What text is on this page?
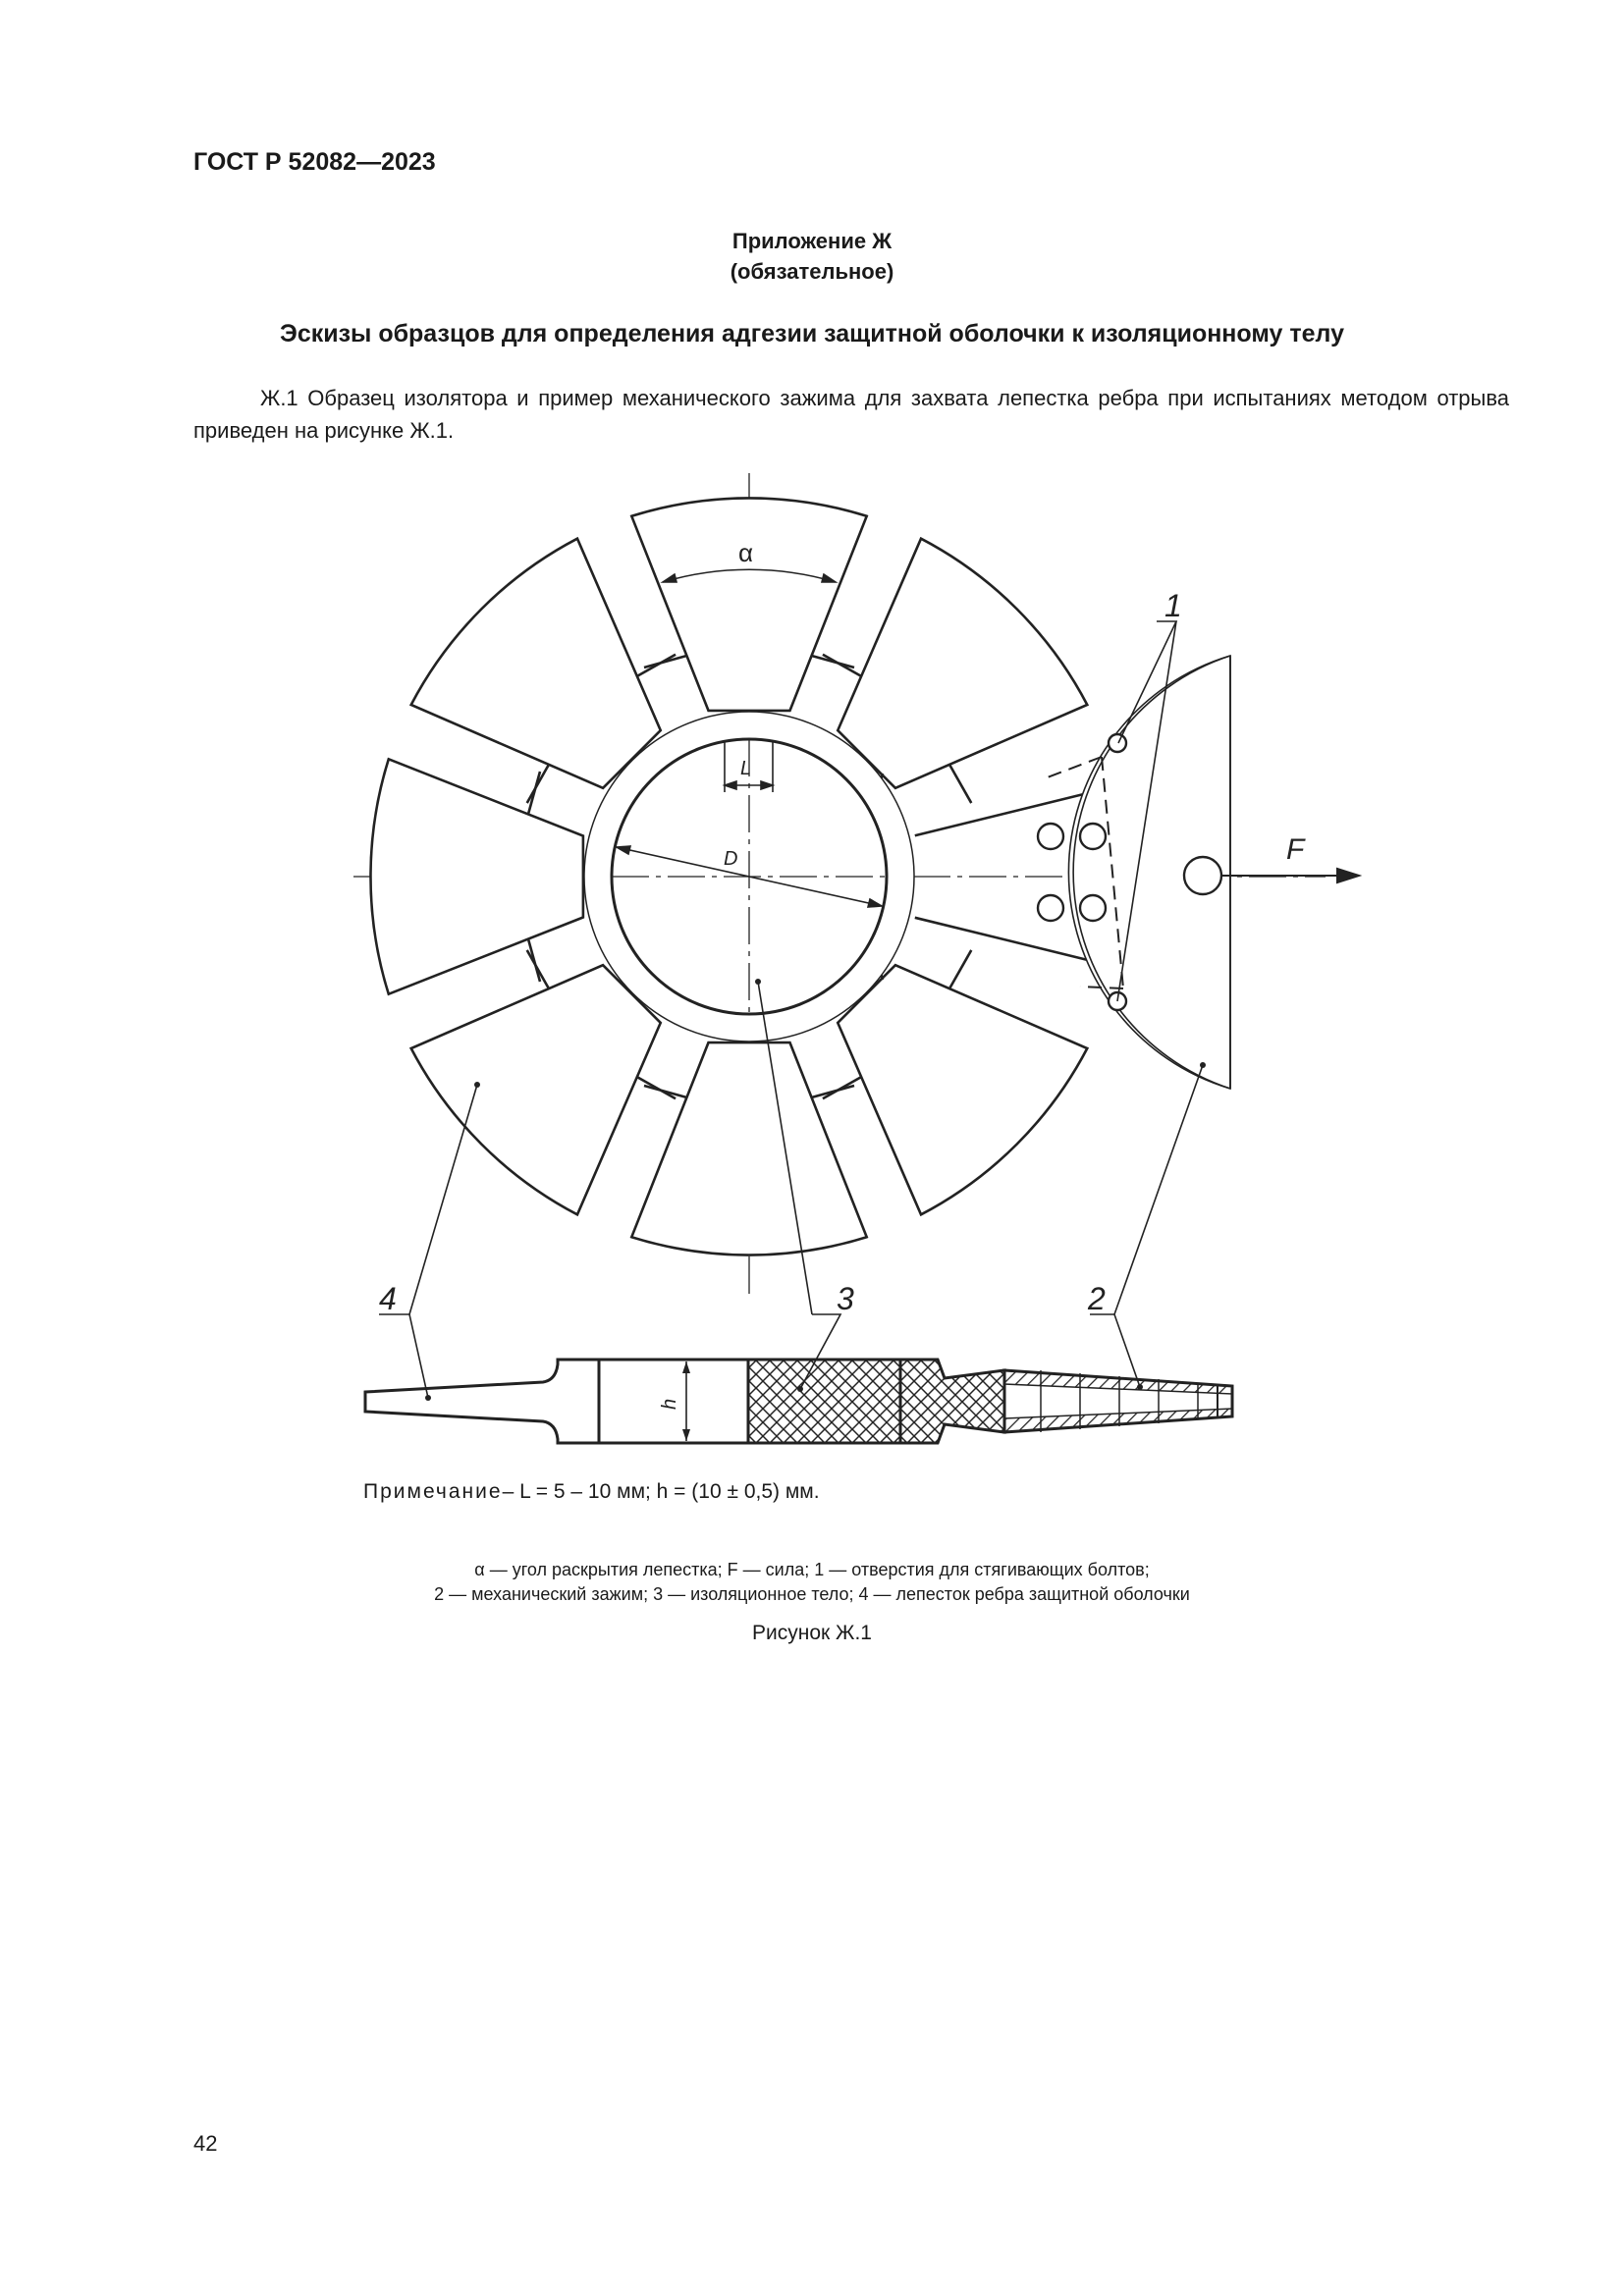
ГОСТ Р 52082—2023
Приложение Ж
(обязательное)
Эскизы образцов для определения адгезии защитной оболочки к изоляционному телу
Ж.1 Образец изолятора и пример механического зажима для захвата лепестка ребра при испытаниях методом отрыва приведен на рисунке Ж.1.
D
L
α
F
h
1
2
3
4
Примечание– L = 5 – 10 мм; h = (10 ± 0,5) мм.
α — угол раскрытия лепестка; F — сила; 1 — отверстия для стягивающих болтов;
2 — механический зажим; 3 — изоляционное тело; 4 — лепесток ребра защитной оболочки
Рисунок Ж.1
42
